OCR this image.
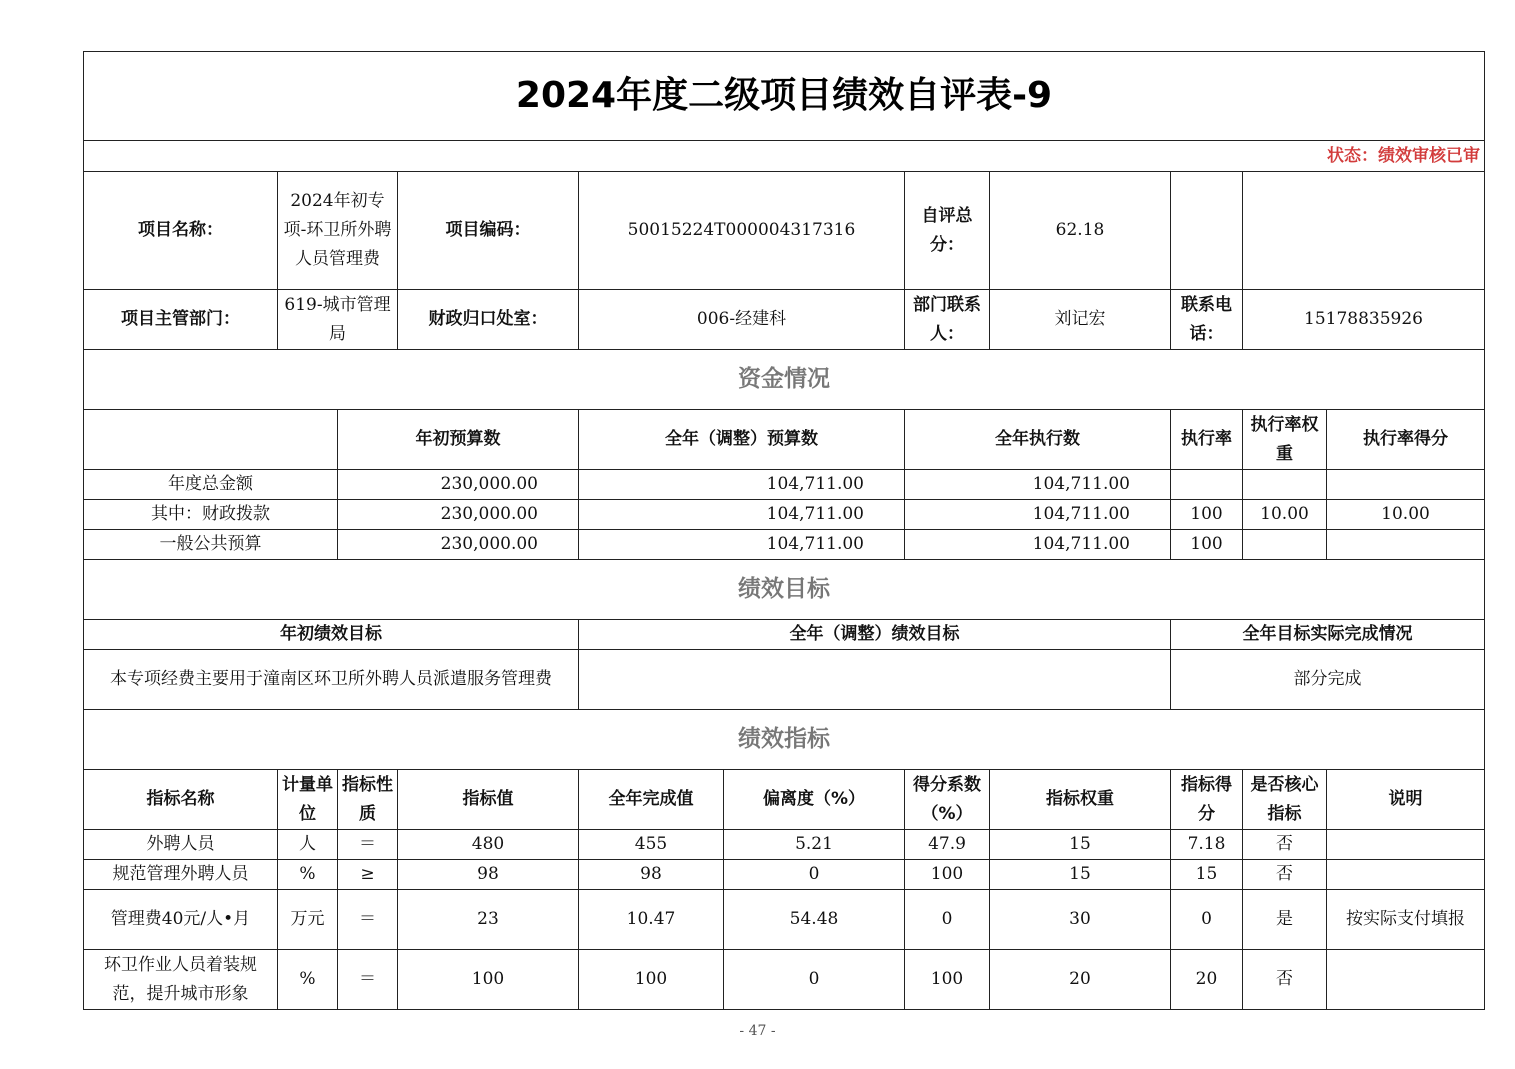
2024年度二级项目绩效自评表-9										
状态：绩效审核已审										
项目名称：	2024年初专项-环卫所外聘人员管理费		项目编码：	50015224T000004317316		自评总分：	62.18			
项目主管部门：	619-城市管理局		财政归口处室：	006-经建科		部门联系人：	刘记宏	联系电话：	15178835926	
资金情况										
		年初预算数		全年（调整）预算数		全年执行数		执行率	执行率权重	执行率得分
年度总金额		230,000.00		104,711.00		104,711.00				
其中：财政拨款		230,000.00		104,711.00		104,711.00		100	10.00	10.00
一般公共预算		230,000.00		104,711.00		104,711.00		100		
绩效目标										
年初绩效目标				全年（调整）绩效目标				全年目标实际完成情况		
本专项经费主要用于潼南区环卫所外聘人员派遣服务管理费								部分完成		
绩效指标										
指标名称	计量单位	指标性质	指标值	全年完成值	偏离度（%）	得分系数（%）	指标权重	指标得分	是否核心指标	说明
外聘人员	人	＝	480	455	5.21	47.9	15	7.18	否	
规范管理外聘人员	%	≥	98	98	0	100	15	15	否	
管理费40元/人•月	万元	＝	23	10.47	54.48	0	30	0	是	按实际支付填报
环卫作业人员着装规范，提升城市形象	%	＝	100	100	0	100	20	20	否	
- 47 -
